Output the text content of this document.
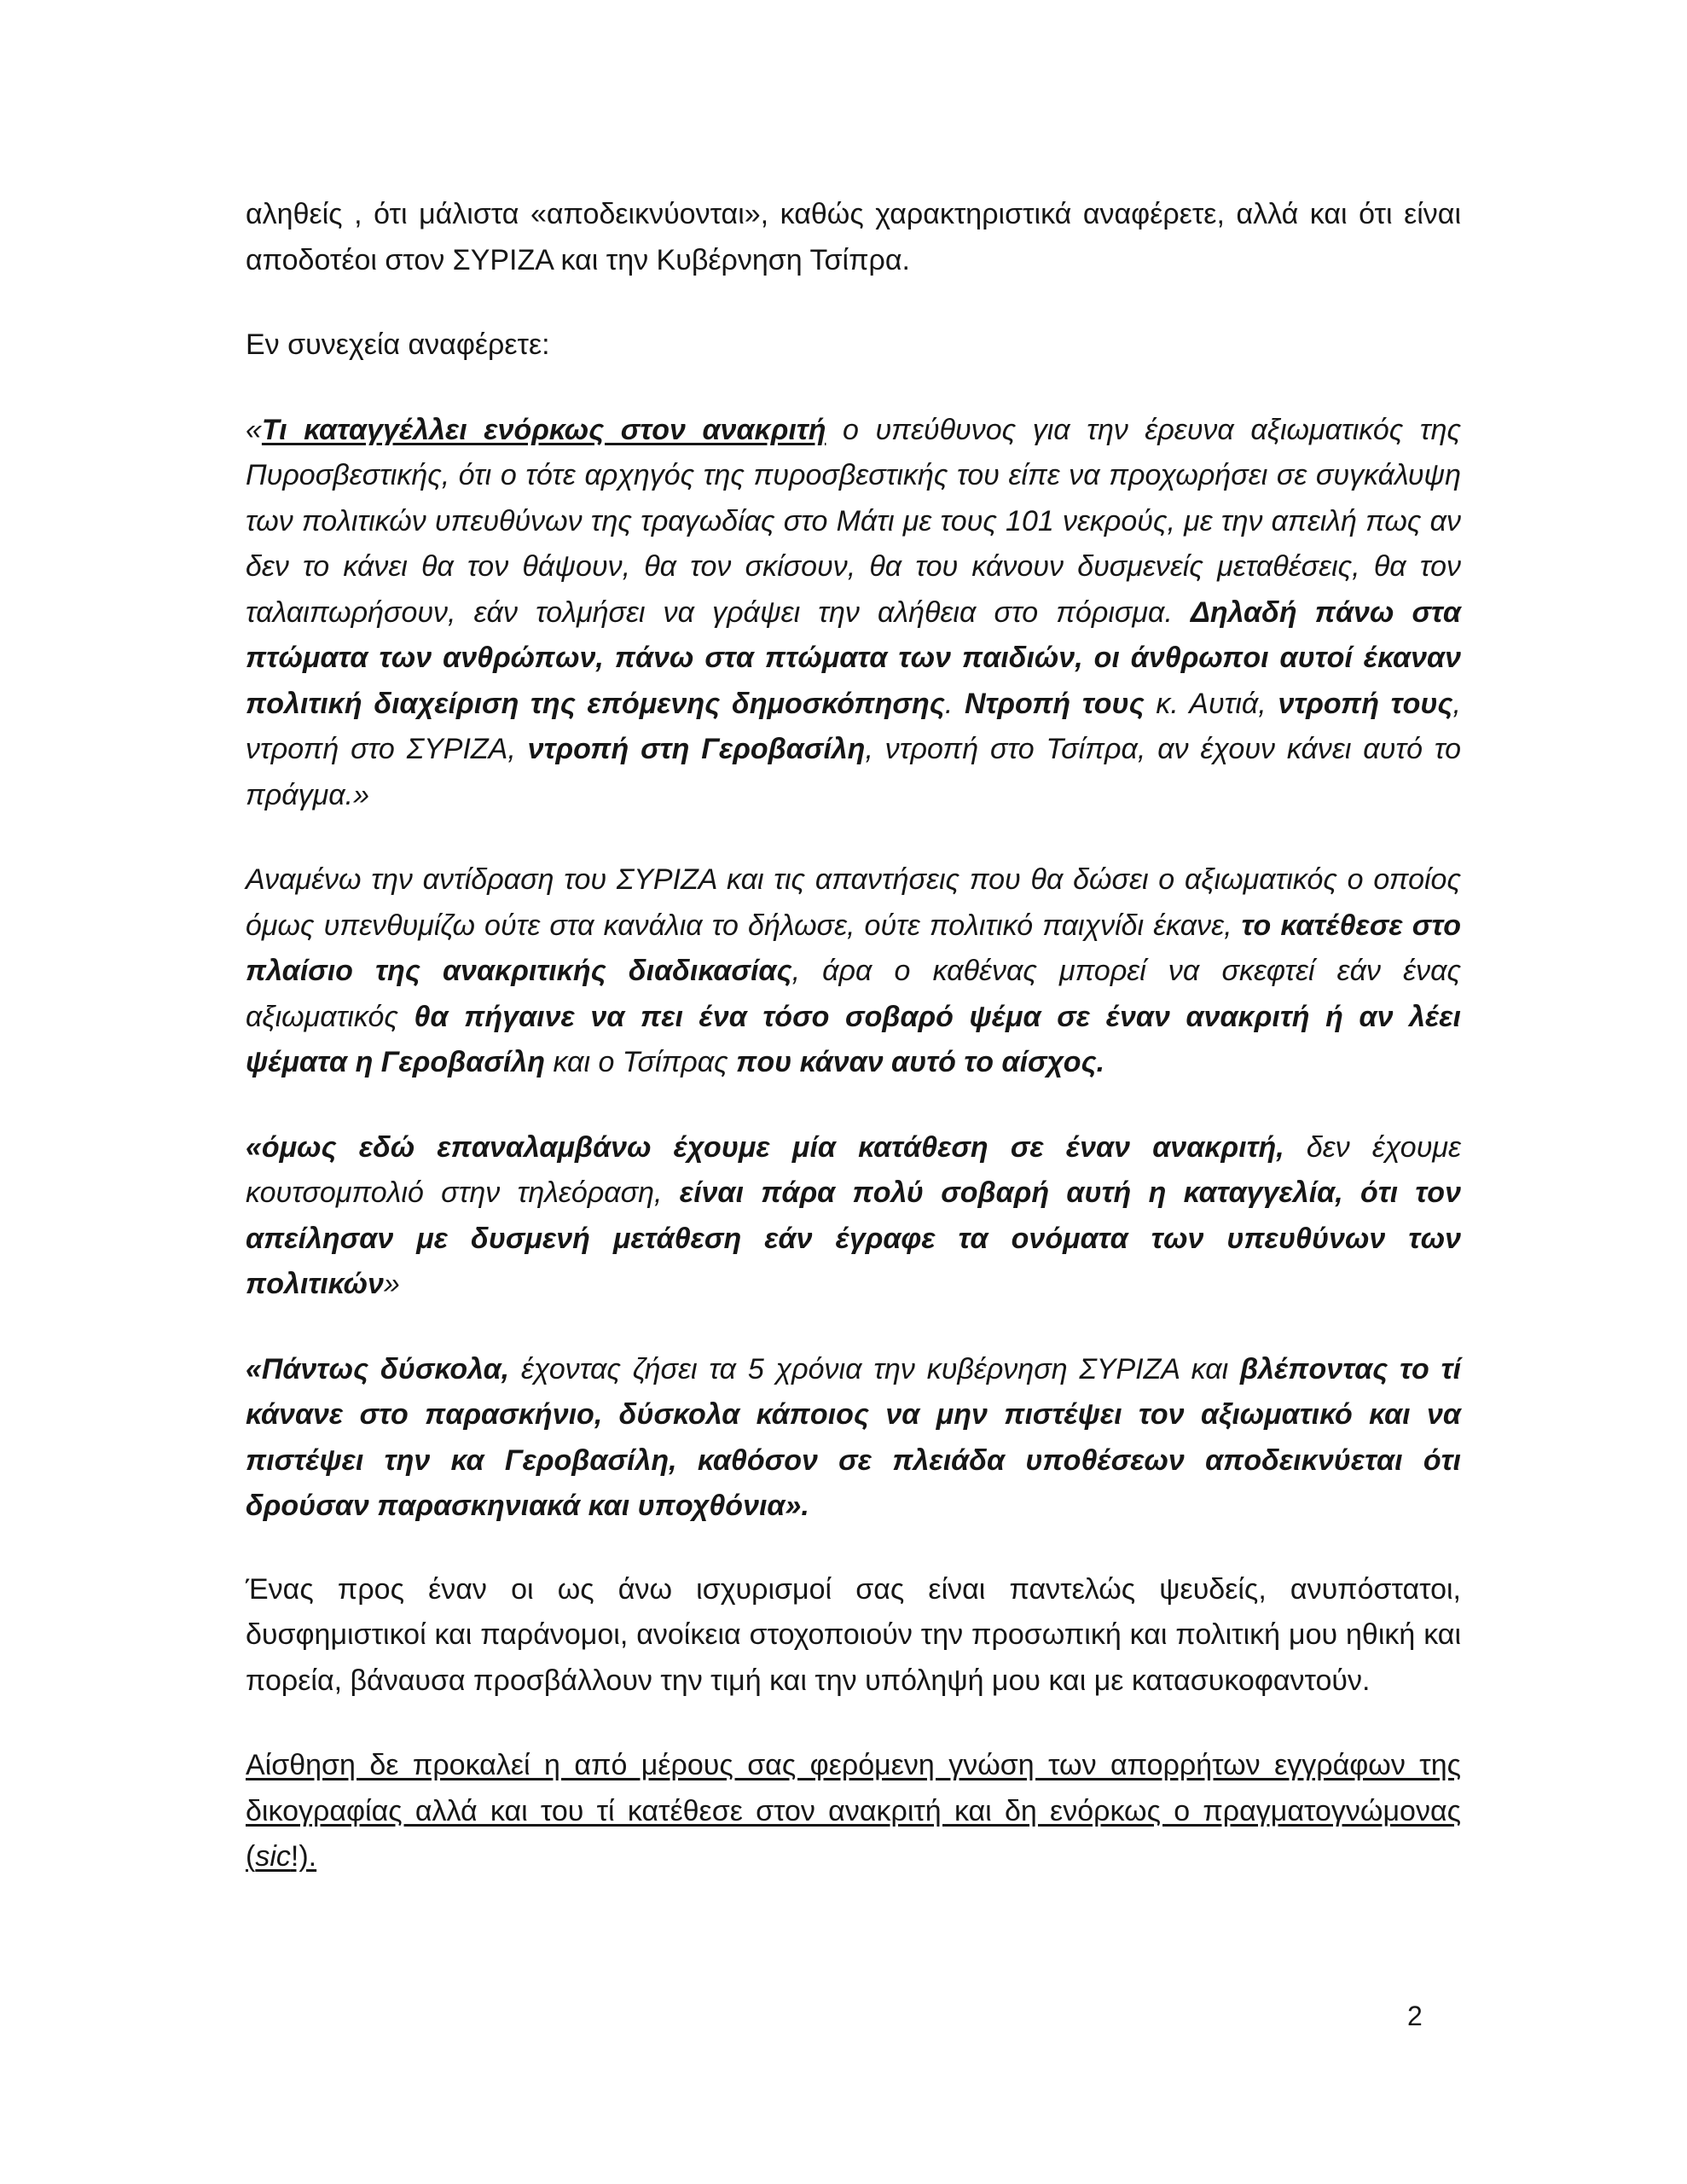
αληθείς , ότι μάλιστα «αποδεικνύονται», καθώς χαρακτηριστικά αναφέρετε, αλλά και ότι είναι αποδοτέοι στον ΣΥΡΙΖΑ και την Κυβέρνηση Τσίπρα.

Εν συνεχεία αναφέρετε:

«Τι καταγγέλλει ενόρκως στον ανακριτή ο υπεύθυνος για την έρευνα αξιωματικός της Πυροσβεστικής, ότι ο τότε αρχηγός της πυροσβεστικής του είπε να προχωρήσει σε συγκάλυψη των πολιτικών υπευθύνων της τραγωδίας στο Μάτι με τους 101 νεκρούς, με την απειλή πως αν δεν το κάνει θα τον θάψουν, θα τον σκίσουν, θα του κάνουν δυσμενείς μεταθέσεις, θα τον ταλαιπωρήσουν, εάν τολμήσει να γράψει την αλήθεια στο πόρισμα. Δηλαδή πάνω στα πτώματα των ανθρώπων, πάνω στα πτώματα των παιδιών, οι άνθρωποι αυτοί έκαναν πολιτική διαχείριση της επόμενης δημοσκόπησης. Ντροπή τους κ. Αυτιά, ντροπή τους, ντροπή στο ΣΥΡΙΖΑ, ντροπή στη Γεροβασίλη, ντροπή στο Τσίπρα, αν έχουν κάνει αυτό το πράγμα.»

Αναμένω την αντίδραση του ΣΥΡΙΖΑ και τις απαντήσεις που θα δώσει ο αξιωματικός ο οποίος όμως υπενθυμίζω ούτε στα κανάλια το δήλωσε, ούτε πολιτικό παιχνίδι έκανε, το κατέθεσε στο πλαίσιο της ανακριτικής διαδικασίας, άρα ο καθένας μπορεί να σκεφτεί εάν ένας αξιωματικός θα πήγαινε να πει ένα τόσο σοβαρό ψέμα σε έναν ανακριτή ή αν λέει ψέματα η Γεροβασίλη και ο Τσίπρας που κάναν αυτό το αίσχος.

«όμως εδώ επαναλαμβάνω έχουμε μία κατάθεση σε έναν ανακριτή, δεν έχουμε κουτσομπολιό στην τηλεόραση, είναι πάρα πολύ σοβαρή αυτή η καταγγελία, ότι τον απείλησαν με δυσμενή μετάθεση εάν έγραφε τα ονόματα των υπευθύνων των πολιτικών»

«Πάντως δύσκολα, έχοντας ζήσει τα 5 χρόνια την κυβέρνηση ΣΥΡΙΖΑ και βλέποντας το τί κάνανε στο παρασκήνιο, δύσκολα κάποιος να μην πιστέψει τον αξιωματικό και να πιστέψει την κα Γεροβασίλη, καθόσον σε πλειάδα υποθέσεων αποδεικνύεται ότι δρούσαν παρασκηνιακά και υποχθόνια».

Ένας προς έναν οι ως άνω ισχυρισμοί σας είναι παντελώς ψευδείς, ανυπόστατοι, δυσφημιστικοί και παράνομοι, ανοίκεια στοχοποιούν την προσωπική και πολιτική μου ηθική και πορεία, βάναυσα προσβάλλουν την τιμή και την υπόληψή μου και με κατασυκοφαντούν.

Αίσθηση δε προκαλεί η από μέρους σας φερόμενη γνώση των απορρήτων εγγράφων της δικογραφίας αλλά και του τί κατέθεσε στον ανακριτή και δη ενόρκως ο πραγματογνώμονας (sic!).

2
